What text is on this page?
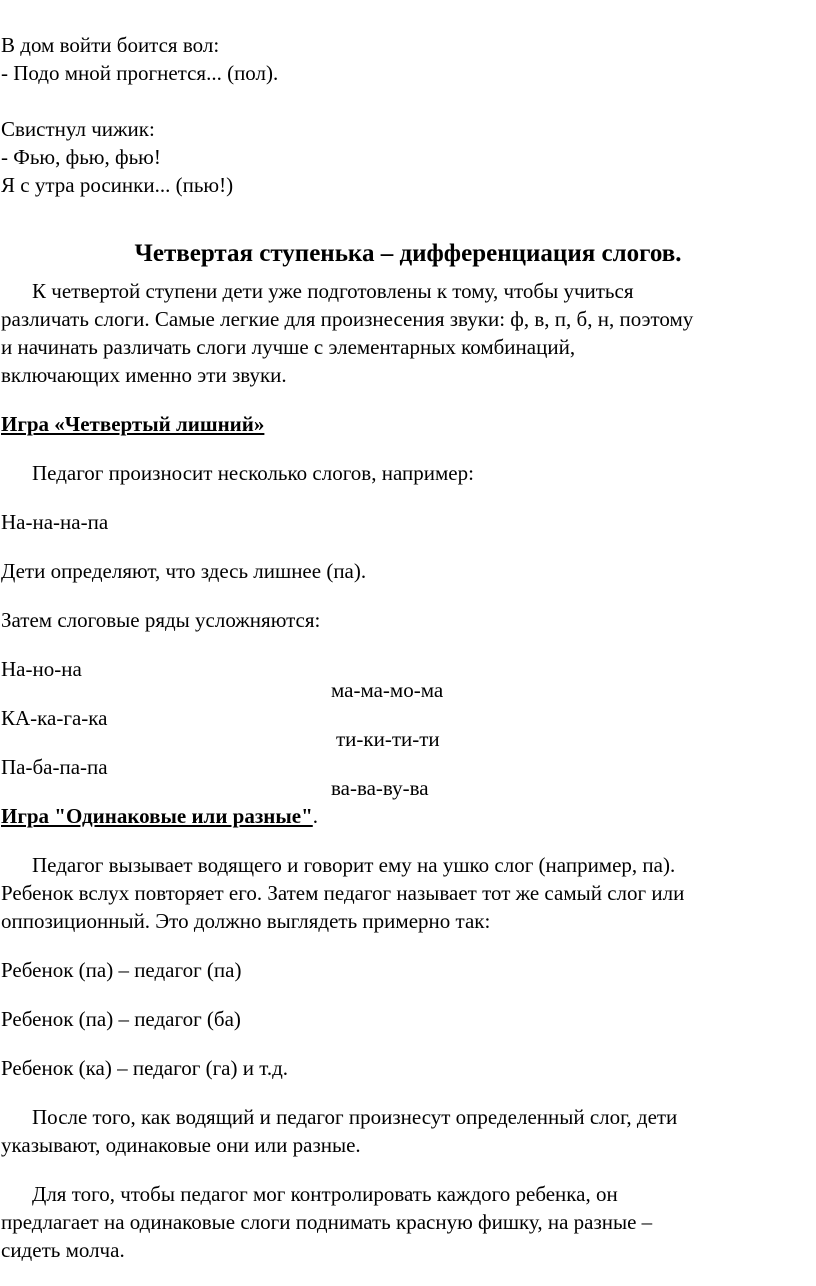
В дом войти боится вол:

- Подо мной прогнется... (пол).

Свистнул чижик:

- Фью, фью, фью!

Я с утра росинки... (пью!)

Четвертая ступенька – дифференциация слогов.

К четвертой ступени дети уже подготовлены к тому, чтобы учиться

различать слоги. Самые легкие для произнесения звуки: ф, в, п, б, н, поэтому

и начинать различать слоги лучше с элементарных комбинаций,

включающих именно эти звуки.

Игра «Четвертый лишний»

Педагог произносит несколько слогов, например:

На-на-на-па

Дети определяют, что здесь лишнее (па).

Затем слоговые ряды усложняются:

На-но-на

ма-ма-мо-ма

КА-ка-га-ка

ти-ки-ти-ти

Па-ба-па-па

ва-ва-ву-ва

Игра "Одинаковые или разные".

Педагог вызывает водящего и говорит ему на ушко слог (например, па).

Ребенок вслух повторяет его. Затем педагог называет тот же самый слог или

оппозиционный. Это должно выглядеть примерно так:

Ребенок (па) – педагог (па)

Ребенок (па) – педагог (ба)

Ребенок (ка) – педагог (га) и т.д.

После того, как водящий и педагог произнесут определенный слог, дети

указывают, одинаковые они или разные.

Для того, чтобы педагог мог контролировать каждого ребенка, он

предлагает на одинаковые слоги поднимать красную фишку, на разные –

сидеть молча.
